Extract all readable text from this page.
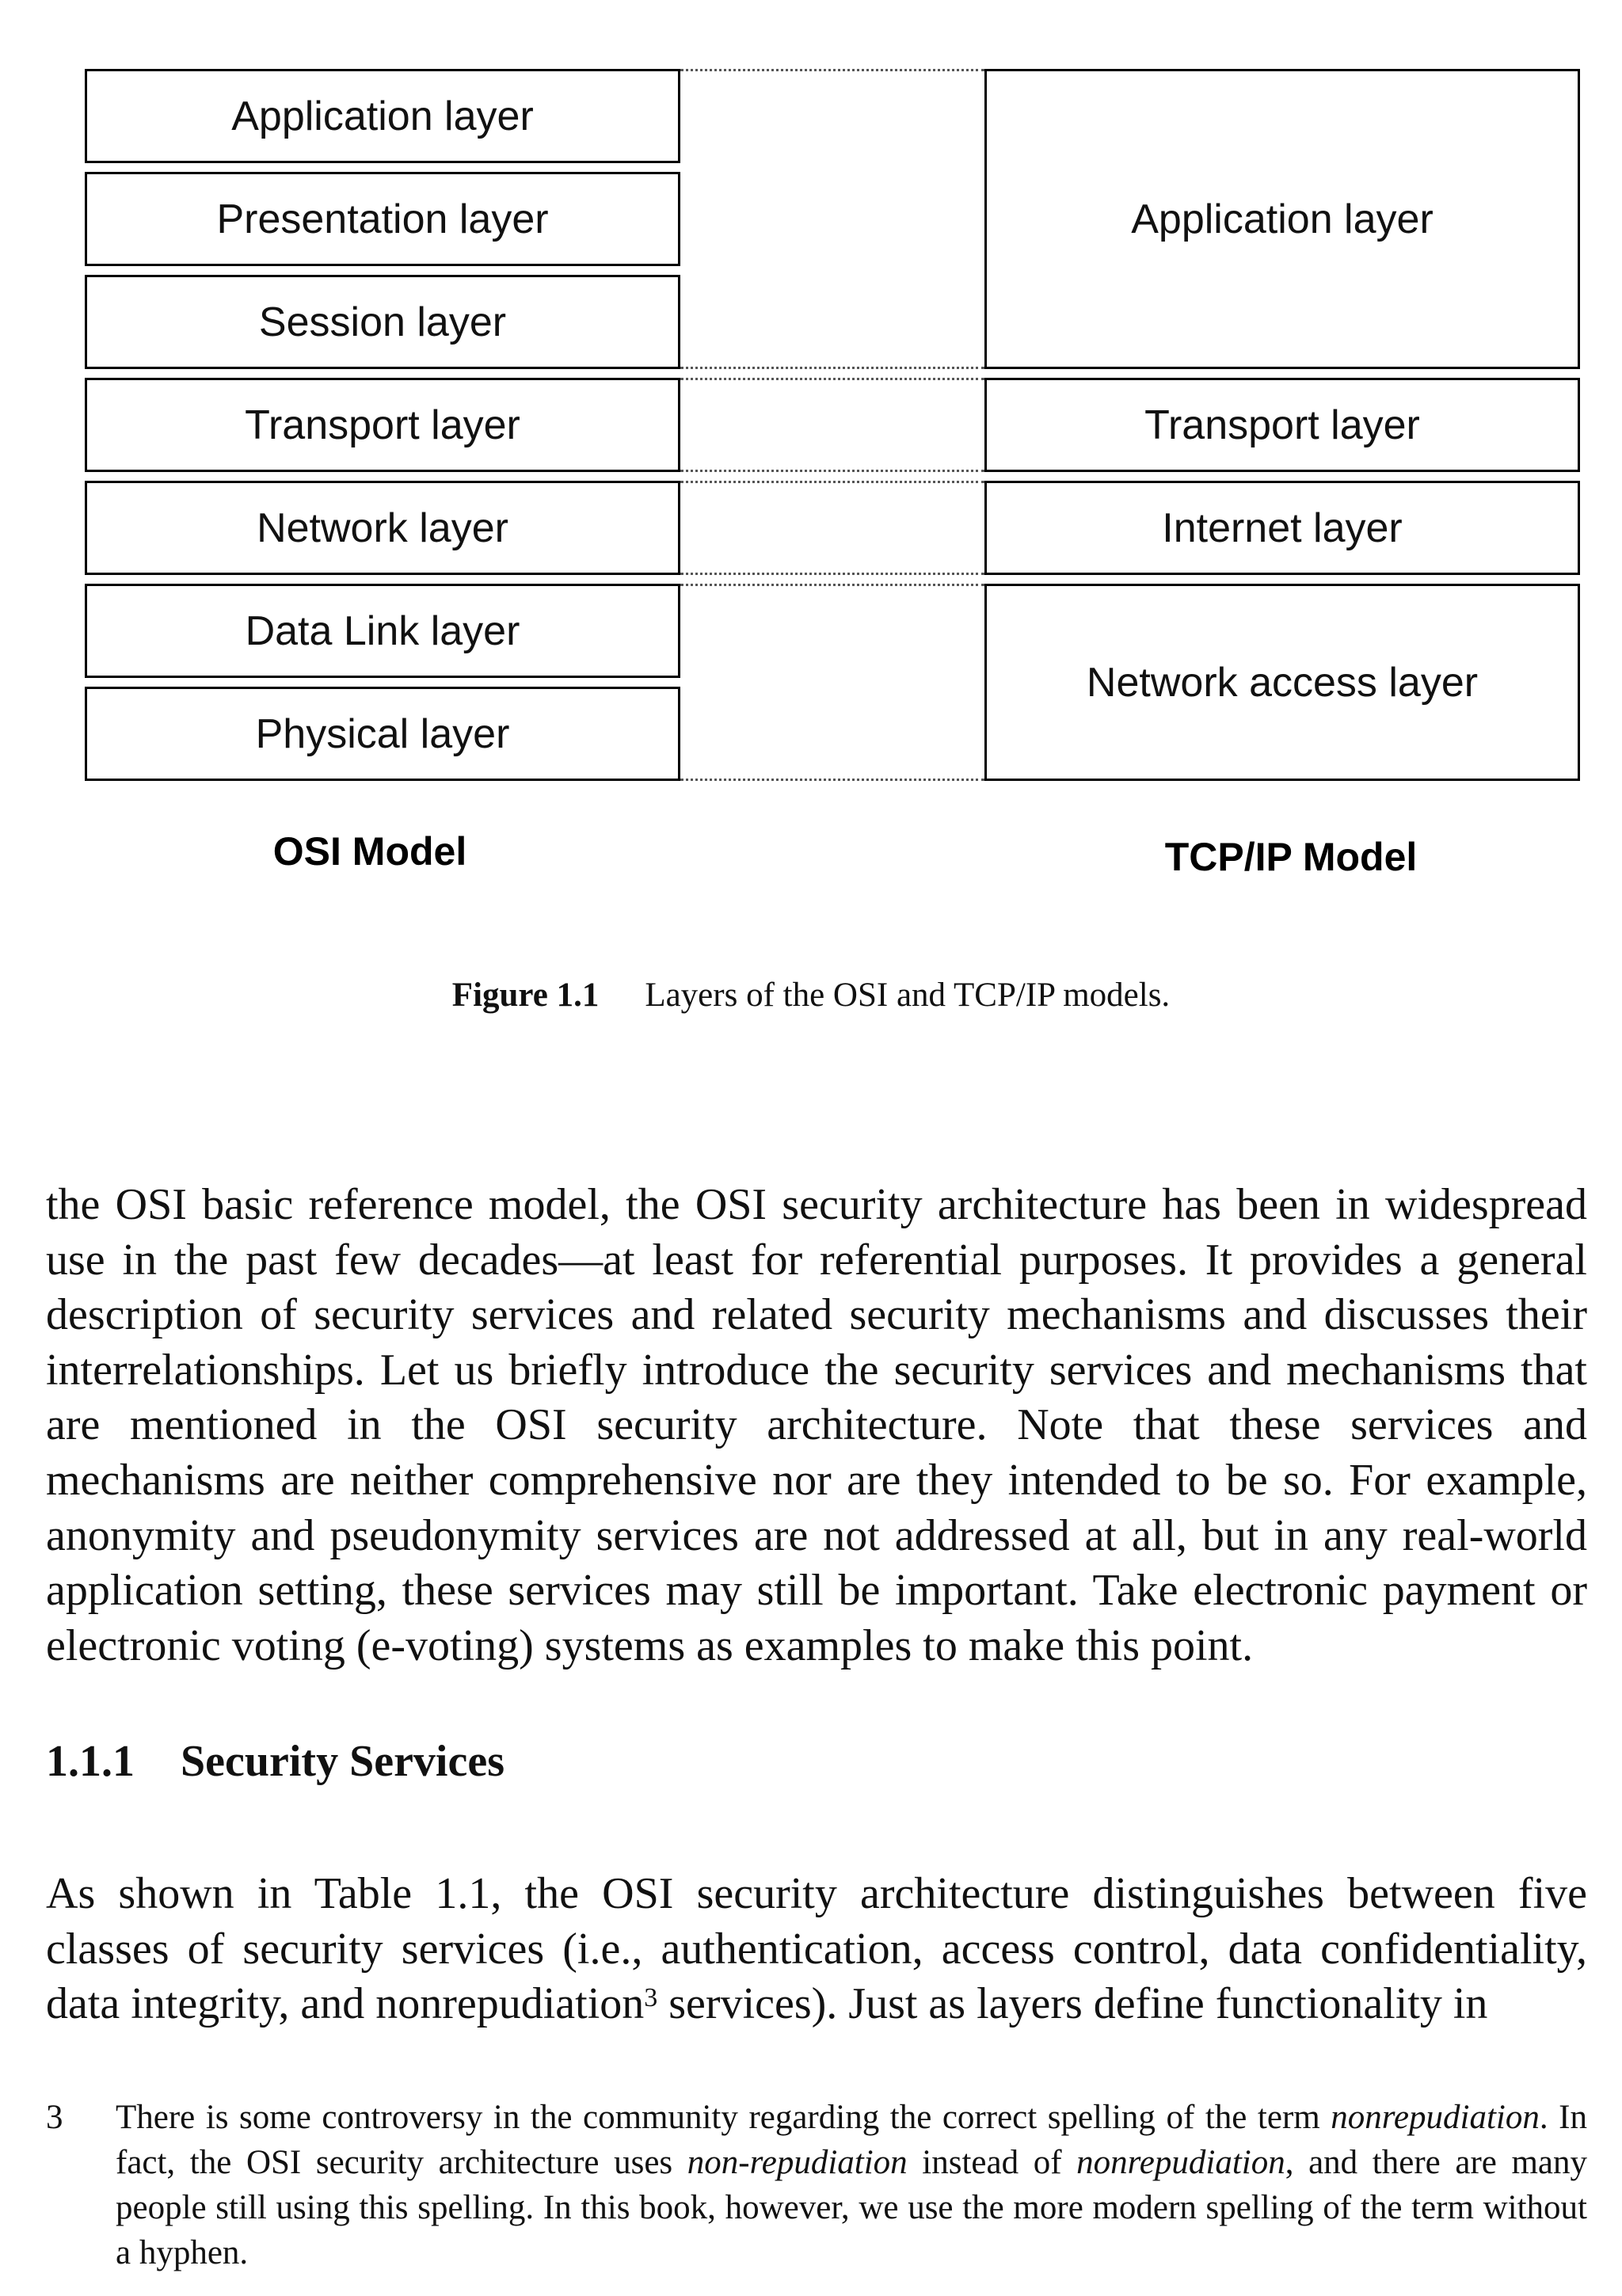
Application layer
Presentation layer
Session layer
Transport layer
Network layer
Data Link layer
Physical layer
Application layer
Transport layer
Internet layer
Network access layer
OSI Model	TCP/IP Model
Figure 1.1 Layers of the OSI and TCP/IP models.

the OSI basic reference model, the OSI security architecture has been in widespread use in the past few decades—at least for referential purposes. It provides a general description of security services and related security mechanisms and discusses their interrelationships. Let us briefly introduce the security services and mechanisms that are mentioned in the OSI security architecture. Note that these services and mechanisms are neither comprehensive nor are they intended to be so. For example, anonymity and pseudonymity services are not addressed at all, but in any real-world application setting, these services may still be important. Take electronic payment or electronic voting (e-voting) systems as examples to make this point.

1.1.1 Security Services

As shown in Table 1.1, the OSI security architecture distinguishes between five classes of security services (i.e., authentication, access control, data confidentiality, data integrity, and nonrepudiation$^3$ services). Just as layers define functionality in

3 There is some controversy in the community regarding the correct spelling of the term nonrepudiation. In fact, the OSI security architecture uses non-repudiation instead of nonrepudiation, and there are many people still using this spelling. In this book, however, we use the more modern spelling of the term without a hyphen.
